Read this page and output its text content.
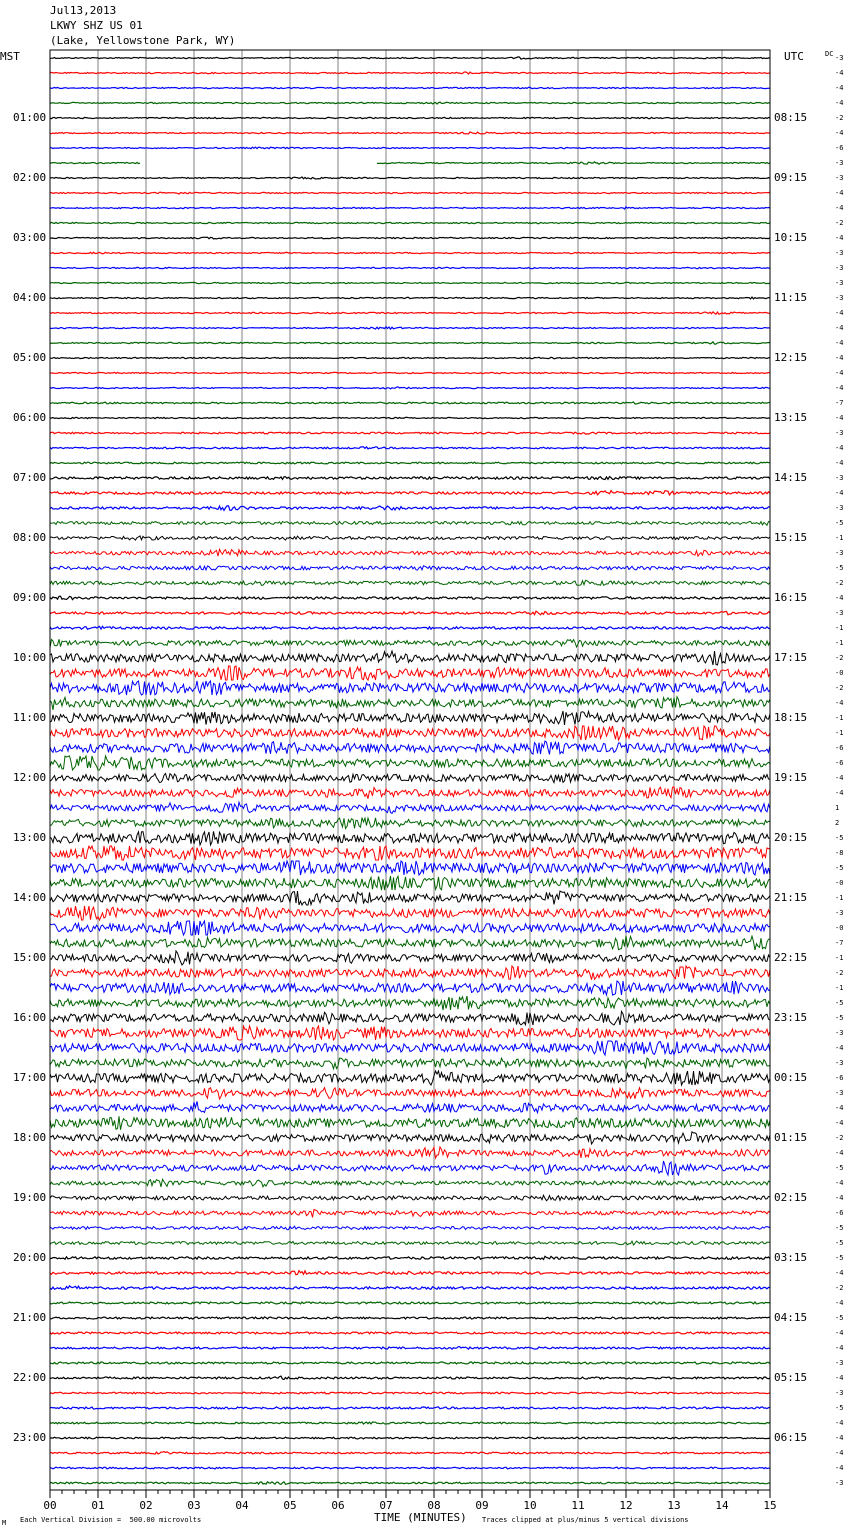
00	01	02	03	04	05	06	07	08	09	10	11	12	13	14	15
Jul13,2013
LKWY SHZ US 01
(Lake, Yellowstone Park, WY)
MST	UTC	DC
01:00
02:00
03:00
04:00
05:00
06:00
07:00
08:00
09:00
10:00
11:00
12:00
13:00
14:00
15:00
16:00
17:00
18:00
19:00
20:00
21:00
22:00
23:00
08:15
09:15
10:15
11:15
12:15
13:15
14:15
15:15
16:15
17:15
18:15
19:15
20:15
21:15
22:15
23:15
00:15
01:15
02:15
03:15
04:15
05:15
06:15
-3
-4
-4
-4
-2
-4
-6
-3
-3
-4
-4
-2
-4
-3
-3
-3
-3
-4
-4
-4
-4
-4
-4
-7
-4
-3
-4
-4
-3
-4
-3
-5
-1
-3
-5
-2
-4
-3
-1
-1
-2
-0
-2
-4
-1
-1
-6
-6
-4
-4
1
2
-5
-8
-5
-0
-1
-3
-0
-7
-1
-2
-1
-5
-5
-3
-4
-3
-6
-3
-4
-4
-2
-4
-5
-4
-4
-6
-5
-5
-5
-4
-2
-4
-5
-4
-4
-3
-4
-3
-5
-4
-4
-4
-4
-3
TIME (MINUTES)
M Each Vertical Division =  500.00 microvolts	Traces clipped at plus/minus 5 vertical divisions
